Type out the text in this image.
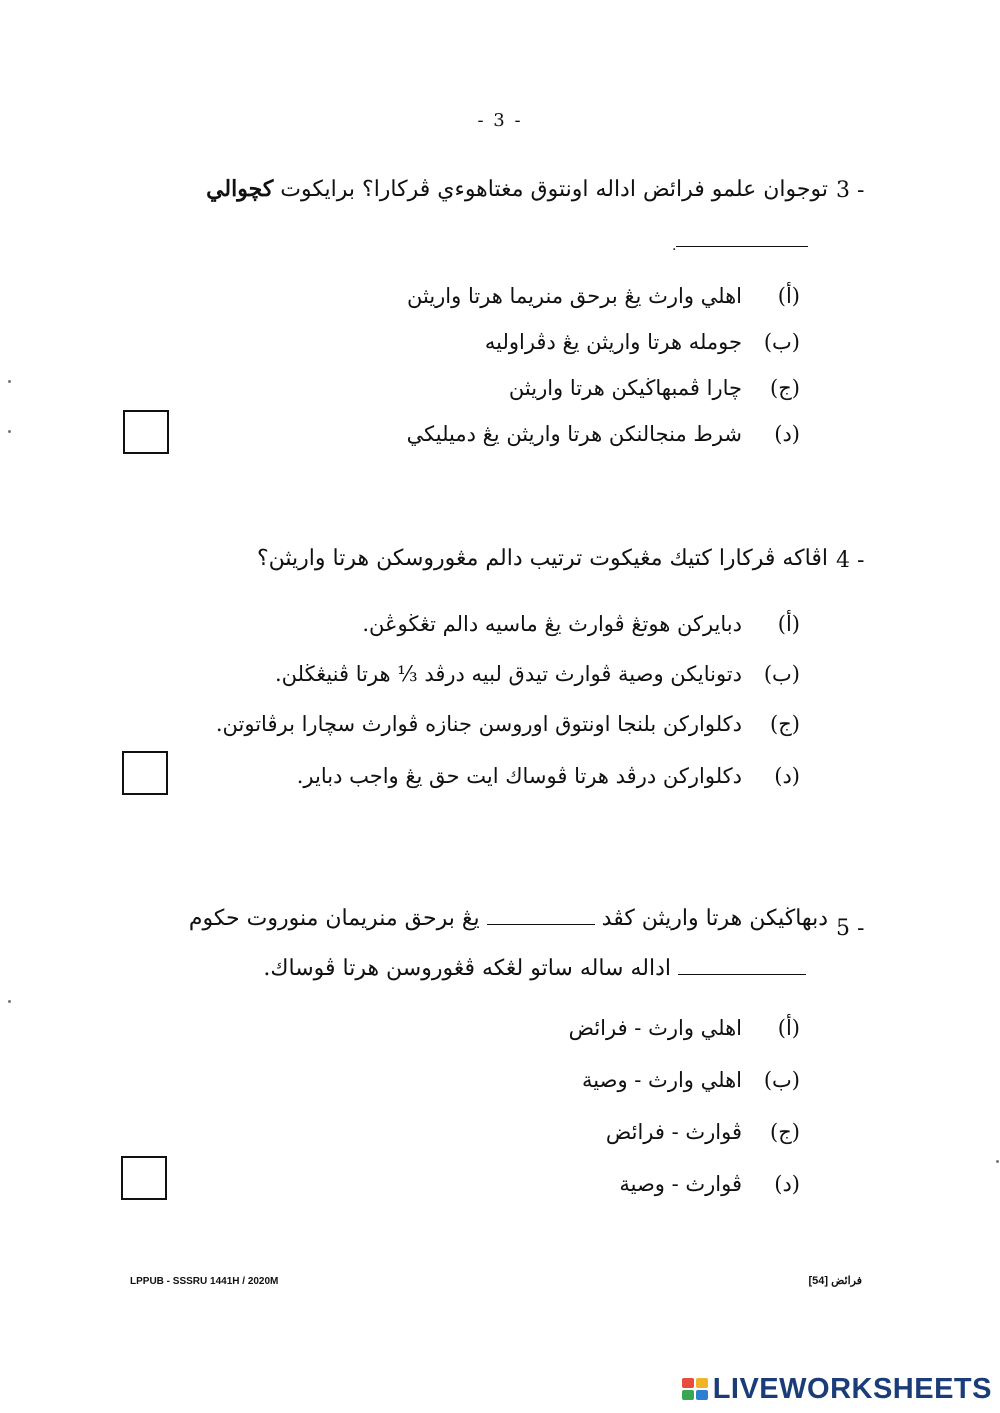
- 3 -
3 -
توجوان علمو فرائض اداله اونتوق مغتاهوءي ڤركارا؟ برايكوت كچوالي
.
(أ)اهلي وارث يڠ برحق منريما هرتا واريثن
(ب)جومله هرتا واريثن يڠ دڤراوليه
(ج)چارا ڤمبهاڬيكن هرتا واريثن
(د)شرط منجالنكن هرتا واريثن يڠ دميليكي
4 -
اڤاكه ڤركارا كتيك مڠيكوت ترتيب دالم مڠوروسكن هرتا واريثن؟
(أ)دبايركن هوتڠ ڤوارث يڠ ماسيه دالم تڠڬوڠن.
(ب)دتونايكن وصية ڤوارث تيدق لبيه درڤد ⅓ هرتا ڤنيڠڬلن.
(ج)دكلواركن بلنجا اونتوق اوروسن جنازه ڤوارث سچارا برڤاتوتن.
(د)دكلواركن درڤد هرتا ڤوساك ايت حق يڠ واجب دباير.
5 -
دبهاڬيكن هرتا واريثن كڤد  يڠ برحق منريمان منوروت حكوم
اداله ساله ساتو لڠكه ڤڠوروسن هرتا ڤوساك.
(أ)اهلي وارث - فرائض
(ب)اهلي وارث - وصية
(ج)ڤوارث - فرائض
(د)ڤوارث - وصية
LPPUB - SSSRU 1441H / 2020M	فرائض [54]
LIVEWORKSHEETS
